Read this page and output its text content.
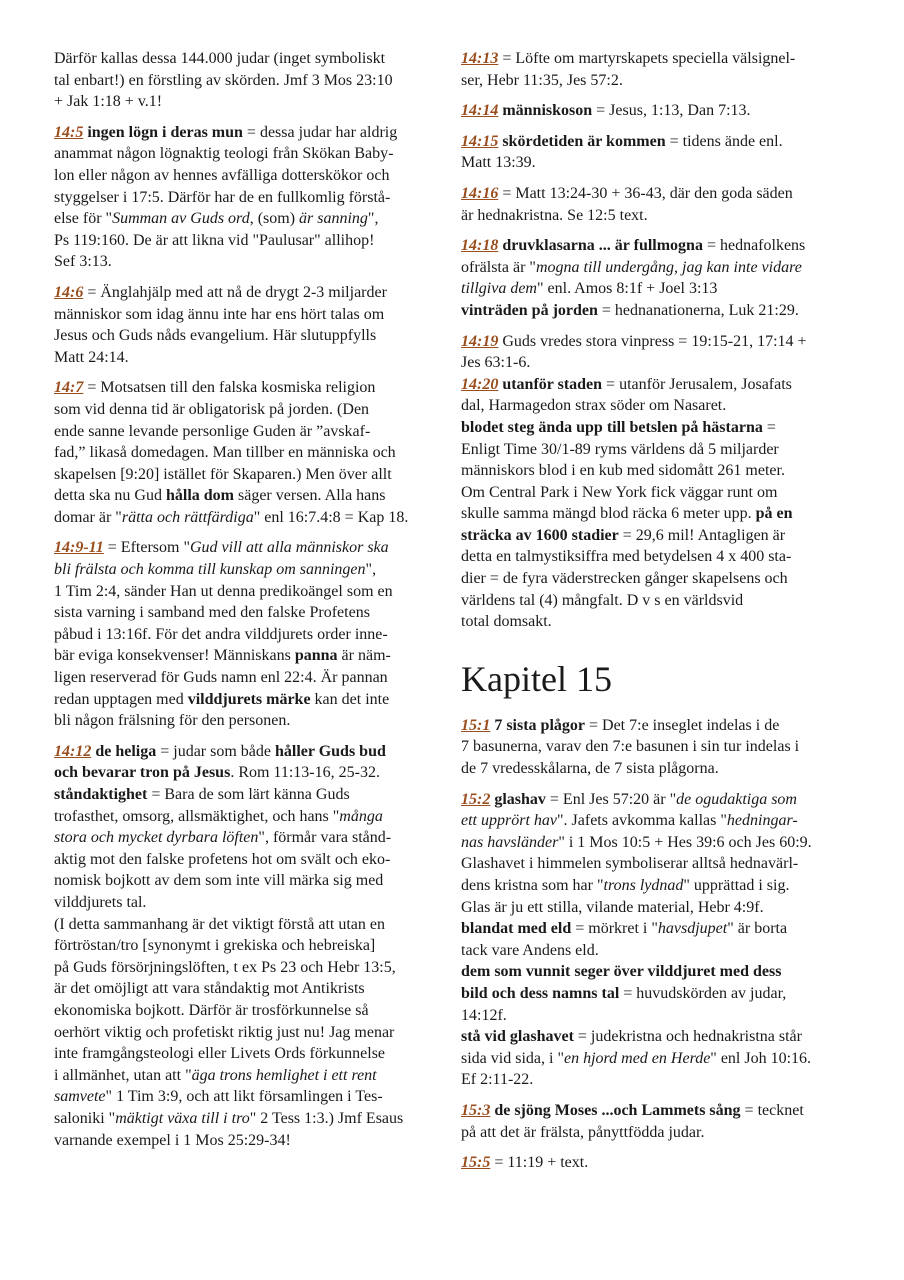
Därför kallas dessa 144.000 judar (inget symboliskt
tal enbart!) en förstling av skörden. Jmf 3 Mos 23:10
+ Jak 1:18 + v.1!
14:5 ingen lögn i deras mun = dessa judar har aldrig
anammat någon lögnaktig teologi från Skökan Baby-
lon eller någon av hennes avfälliga dotterskökor och
styggelser i 17:5. Därför har de en fullkomlig förstå-
else för "Summan av Guds ord, (som) är sanning",
Ps 119:160. De är att likna vid "Paulusar" allihop!
Sef 3:13.
14:6 = Änglahjälp med att nå de drygt 2-3 miljarder
människor som idag ännu inte har ens hört talas om
Jesus och Guds nåds evangelium. Här slutuppfylls
Matt 24:14.
14:7 = Motsatsen till den falska kosmiska religion
som vid denna tid är obligatorisk på jorden. (Den
ende sanne levande personlige Guden är ”avskaf-
fad,” likaså domedagen. Man tillber en människa och
skapelsen [9:20] istället för Skaparen.) Men över allt
detta ska nu Gud hålla dom säger versen. Alla hans
domar är "rätta och rättfärdiga" enl 16:7.4:8 = Kap 18.
14:9-11 = Eftersom "Gud vill att alla människor ska
bli frälsta och komma till kunskap om sanningen",
1 Tim 2:4, sänder Han ut denna predikoängel som en
sista varning i samband med den falske Profetens
påbud i 13:16f. För det andra vilddjurets order inne-
bär eviga konsekvenser! Människans panna är näm-
ligen reserverad för Guds namn enl 22:4. Är pannan
redan upptagen med vilddjurets märke kan det inte
bli någon frälsning för den personen.
14:12 de heliga = judar som både håller Guds bud
och bevarar tron på Jesus. Rom 11:13-16, 25-32.
ståndaktighet = Bara de som lärt känna Guds
trofasthet, omsorg, allsmäktighet, och hans "många
stora och mycket dyrbara löften", förmår vara stånd-
aktig mot den falske profetens hot om svält och eko-
nomisk bojkott av dem som inte vill märka sig med
vilddjurets tal.
(I detta sammanhang är det viktigt förstå att utan en
förtröstan/tro [synonymt i grekiska och hebreiska]
på Guds försörjningslöften, t ex Ps 23 och Hebr 13:5,
är det omöjligt att vara ståndaktig mot Antikrists
ekonomiska bojkott. Därför är trosförkunnelse så
oerhört viktig och profetiskt riktig just nu! Jag menar
inte framgångsteologi eller Livets Ords förkunnelse
i allmänhet, utan att "äga trons hemlighet i ett rent
samvete" 1 Tim 3:9, och att likt församlingen i Tes-
saloniki "mäktigt växa till i tro" 2 Tess 1:3.) Jmf Esaus
varnande exempel i 1 Mos 25:29-34!
14:13 = Löfte om martyrskapets speciella välsignel-
ser, Hebr 11:35, Jes 57:2.
14:14 människoson = Jesus, 1:13, Dan 7:13.
14:15 skördetiden är kommen = tidens ände enl.
Matt 13:39.
14:16 = Matt 13:24-30 + 36-43, där den goda säden
är hednakristna. Se 12:5 text.
14:18 druvklasarna ... är fullmogna = hednafolkens
ofrälsta är "mogna till undergång, jag kan inte vidare
tillgiva dem" enl. Amos 8:1f + Joel 3:13
vinträden på jorden = hednanationerna, Luk 21:29.
14:19 Guds vredes stora vinpress = 19:15-21, 17:14 +
Jes 63:1-6.
14:20 utanför staden = utanför Jerusalem, Josafats
dal, Harmagedon strax söder om Nasaret.
blodet steg ända upp till betslen på hästarna =
Enligt Time 30/1-89 ryms världens då 5 miljarder
människors blod i en kub med sidomått 261 meter.
Om Central Park i New York fick väggar runt om
skulle samma mängd blod räcka 6 meter upp. på en
sträcka av 1600 stadier = 29,6 mil! Antagligen är
detta en talmystiksiffra med betydelsen 4 x 400 sta-
dier = de fyra väderstrecken gånger skapelsens och
världens tal (4) mångfalt. D v s en världsvid
total domsakt.
Kapitel 15
15:1 7 sista plågor = Det 7:e inseglet indelas i de
7 basunerna, varav den 7:e basunen i sin tur indelas i
de 7 vredesskålarna, de 7 sista plågorna.
15:2 glashav = Enl Jes 57:20 är "de ogudaktiga som
ett upprört hav". Jafets avkomma kallas "hedningar-
nas havsländer" i 1 Mos 10:5 + Hes 39:6 och Jes 60:9.
Glashavet i himmelen symboliserar alltså hednavärl-
dens kristna som har "trons lydnad" upprättad i sig.
Glas är ju ett stilla, vilande material, Hebr 4:9f.
blandat med eld = mörkret i "havsdjupet" är borta
tack vare Andens eld.
dem som vunnit seger över vilddjuret med dess
bild och dess namns tal = huvudskörden av judar,
14:12f.
stå vid glashavet = judekristna och hednakristna står
sida vid sida, i "en hjord med en Herde" enl Joh 10:16.
Ef 2:11-22.
15:3 de sjöng Moses ...och Lammets sång = tecknet
på att det är frälsta, pånyttfödda judar.
15:5 = 11:19 + text.
